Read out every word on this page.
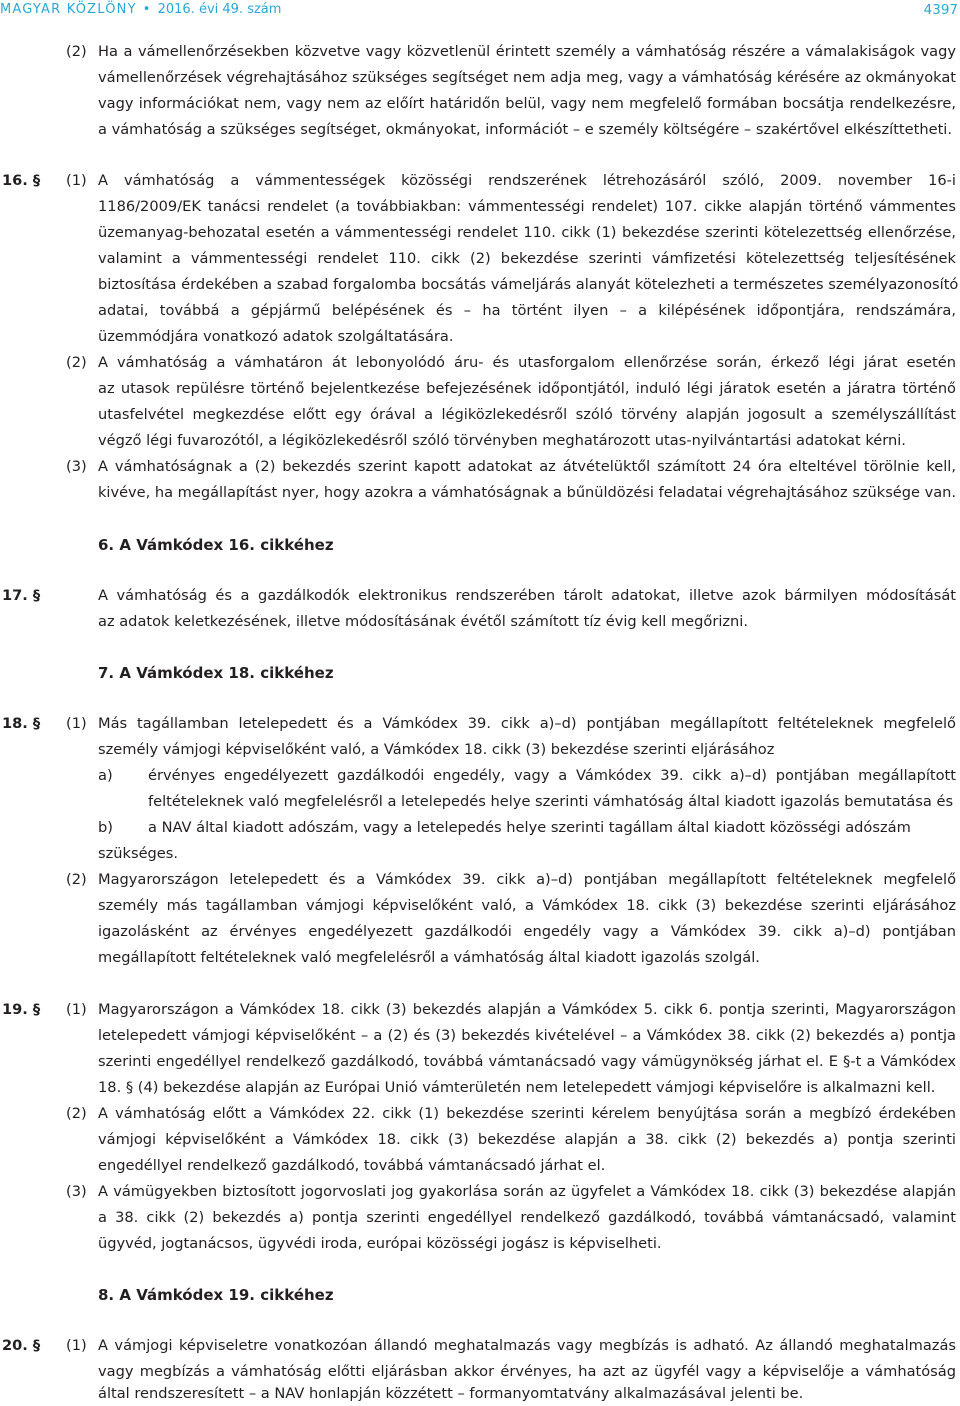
MAGYAR KÖZLÖNY • 2016. évi 49. szám	4397
(2) Ha a vámellenőrzésekben közvetve vagy közvetlenül érintett személy a vámhatóság részére a vámalakiságok vagy
vámellenőrzések végrehajtásához szükséges segítséget nem adja meg, vagy a vámhatóság kérésére az okmányokat
vagy információkat nem, vagy nem az előírt határidőn belül, vagy nem megfelelő formában bocsátja rendelkezésre,
a vámhatóság a szükséges segítséget, okmányokat, információt – e személy költségére – szakértővel elkészíttetheti.
16. § (1) A vámhatóság a vámmentességek közösségi rendszerének létrehozásáról szóló, 2009. november 16-i
1186/2009/EK tanácsi rendelet (a továbbiakban: vámmentességi rendelet) 107. cikke alapján történő vámmentes
üzemanyag-behozatal esetén a vámmentességi rendelet 110. cikk (1) bekezdése szerinti kötelezettség ellenőrzése,
valamint a vámmentességi rendelet 110. cikk (2) bekezdése szerinti vámfizetési kötelezettség teljesítésének
biztosítása érdekében a szabad forgalomba bocsátás vámeljárás alanyát kötelezheti a természetes személyazonosító
adatai, továbbá a gépjármű belépésének és – ha történt ilyen – a kilépésének időpontjára, rendszámára,
üzemmódjára vonatkozó adatok szolgáltatására.
(2) A vámhatóság a vámhatáron át lebonyolódó áru- és utasforgalom ellenőrzése során, érkező légi járat esetén
az utasok repülésre történő bejelentkezése befejezésének időpontjától, induló légi járatok esetén a járatra történő
utasfelvétel megkezdése előtt egy órával a légiközlekedésről szóló törvény alapján jogosult a személyszállítást
végző légi fuvarozótól, a légiközlekedésről szóló törvényben meghatározott utas-nyilvántartási adatokat kérni.
(3) A vámhatóságnak a (2) bekezdés szerint kapott adatokat az átvételüktől számított 24 óra elteltével törölnie kell,
kivéve, ha megállapítást nyer, hogy azokra a vámhatóságnak a bűnüldözési feladatai végrehajtásához szüksége van.
6. A Vámkódex 16. cikkéhez
17. §	A vámhatóság és a gazdálkodók elektronikus rendszerében tárolt adatokat, illetve azok bármilyen módosítását
az adatok keletkezésének, illetve módosításának évétől számított tíz évig kell megőrizni.
7. A Vámkódex 18. cikkéhez
18. § (1) Más tagállamban letelepedett és a Vámkódex 39. cikk a)–d) pontjában megállapított feltételeknek megfelelő
személy vámjogi képviselőként való, a Vámkódex 18. cikk (3) bekezdése szerinti eljárásához
a) érvényes engedélyezett gazdálkodói engedély, vagy a Vámkódex 39. cikk a)–d) pontjában megállapított
feltételeknek való megfelelésről a letelepedés helye szerinti vámhatóság által kiadott igazolás bemutatása és
b) a NAV által kiadott adószám, vagy a letelepedés helye szerinti tagállam által kiadott közösségi adószám
szükséges.
(2) Magyarországon letelepedett és a Vámkódex 39. cikk a)–d) pontjában megállapított feltételeknek megfelelő
személy más tagállamban vámjogi képviselőként való, a Vámkódex 18. cikk (3) bekezdése szerinti eljárásához
igazolásként az érvényes engedélyezett gazdálkodói engedély vagy a Vámkódex 39. cikk a)–d) pontjában
megállapított feltételeknek való megfelelésről a vámhatóság által kiadott igazolás szolgál.
19. § (1) Magyarországon a Vámkódex 18. cikk (3) bekezdés alapján a Vámkódex 5. cikk 6. pontja szerinti, Magyarországon
letelepedett vámjogi képviselőként – a (2) és (3) bekezdés kivételével – a Vámkódex 38. cikk (2) bekezdés a) pontja
szerinti engedéllyel rendelkező gazdálkodó, továbbá vámtanácsadó vagy vámügynökség járhat el. E §-t a Vámkódex
18. § (4) bekezdése alapján az Európai Unió vámterületén nem letelepedett vámjogi képviselőre is alkalmazni kell.
(2) A vámhatóság előtt a Vámkódex 22. cikk (1) bekezdése szerinti kérelem benyújtása során a megbízó érdekében
vámjogi képviselőként a Vámkódex 18. cikk (3) bekezdése alapján a 38. cikk (2) bekezdés a) pontja szerinti
engedéllyel rendelkező gazdálkodó, továbbá vámtanácsadó járhat el.
(3) A vámügyekben biztosított jogorvoslati jog gyakorlása során az ügyfelet a Vámkódex 18. cikk (3) bekezdése alapján
a 38. cikk (2) bekezdés a) pontja szerinti engedéllyel rendelkező gazdálkodó, továbbá vámtanácsadó, valamint
ügyvéd, jogtanácsos, ügyvédi iroda, európai közösségi jogász is képviselheti.
8. A Vámkódex 19. cikkéhez
20. § (1) A vámjogi képviseletre vonatkozóan állandó meghatalmazás vagy megbízás is adható. Az állandó meghatalmazás
vagy megbízás a vámhatóság előtti eljárásban akkor érvényes, ha azt az ügyfél vagy a képviselője a vámhatóság
által rendszeresített – a NAV honlapján közzétett – formanyomtatvány alkalmazásával jelenti be.
